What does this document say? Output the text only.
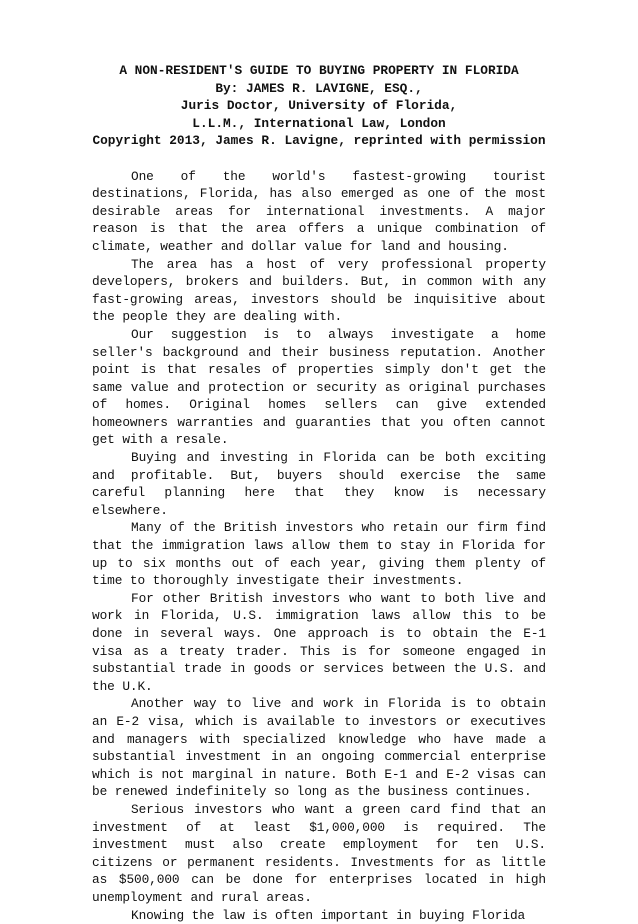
A NON-RESIDENT'S GUIDE TO BUYING PROPERTY IN FLORIDA
By: JAMES R. LAVIGNE, ESQ.,
Juris Doctor, University of Florida,
L.L.M., International Law, London
Copyright 2013, James R. Lavigne, reprinted with permission

One of the world's fastest-growing tourist destinations, Florida, has also emerged as one of the most desirable areas for international investments. A major reason is that the area offers a unique combination of climate, weather and dollar value for land and housing.

The area has a host of very professional property developers, brokers and builders. But, in common with any fast-growing areas, investors should be inquisitive about the people they are dealing with.

Our suggestion is to always investigate a home seller's background and their business reputation. Another point is that resales of properties simply don't get the same value and protection or security as original purchases of homes. Original homes sellers can give extended homeowners warranties and guaranties that you often cannot get with a resale.

Buying and investing in Florida can be both exciting and profitable. But, buyers should exercise the same careful planning here that they know is necessary elsewhere.

Many of the British investors who retain our firm find that the immigration laws allow them to stay in Florida for up to six months out of each year, giving them plenty of time to thoroughly investigate their investments.

For other British investors who want to both live and work in Florida, U.S. immigration laws allow this to be done in several ways. One approach is to obtain the E-1 visa as a treaty trader. This is for someone engaged in substantial trade in goods or services between the U.S. and the U.K.

Another way to live and work in Florida is to obtain an E-2 visa, which is available to investors or executives and managers with specialized knowledge who have made a substantial investment in an ongoing commercial enterprise which is not marginal in nature. Both E-1 and E-2 visas can be renewed indefinitely so long as the business continues.

Serious investors who want a green card find that an investment of at least $1,000,000 is required. The investment must also create employment for ten U.S. citizens or permanent residents. Investments for as little as $500,000 can be done for enterprises located in high unemployment and rural areas.

Knowing the law is often important in buying Florida
